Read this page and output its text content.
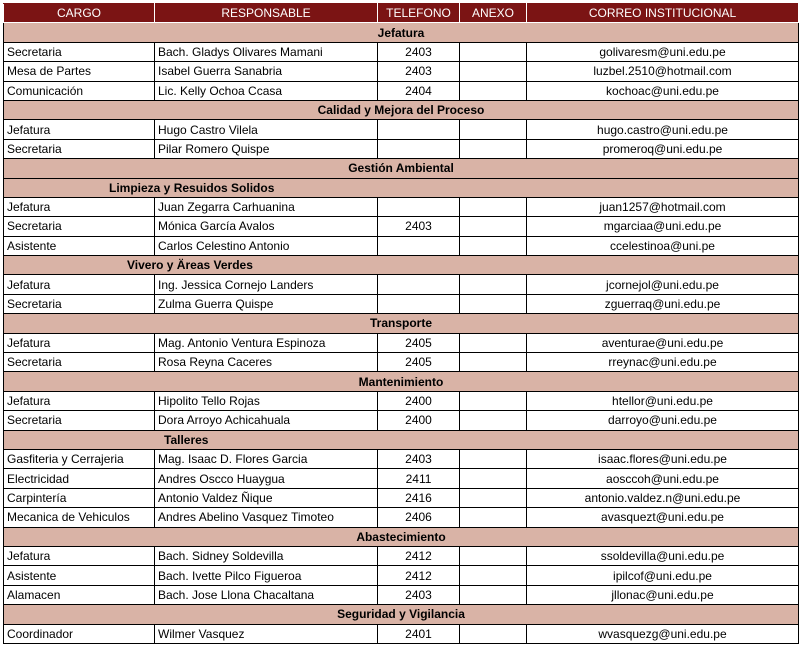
CARGO	RESPONSABLE	TELEFONO	ANEXO	CORREO INSTITUCIONAL
Jefatura				
Secretaria	Bach. Gladys Olivares Mamani	2403		golivaresm@uni.edu.pe
Mesa de Partes	Isabel Guerra Sanabria	2403		luzbel.2510@hotmail.com
Comunicación	Lic. Kelly Ochoa Ccasa	2404		kochoac@uni.edu.pe
Calidad y Mejora del Proceso				
Jefatura	Hugo Castro Vilela			hugo.castro@uni.edu.pe
Secretaria	Pilar Romero Quispe			promeroq@uni.edu.pe
Gestión Ambiental				
Limpieza y Resuidos Solidos				
Jefatura	Juan Zegarra Carhuanina			juan1257@hotmail.com
Secretaria	Mónica García Avalos	2403		mgarciaa@uni.edu.pe
Asistente	Carlos Celestino Antonio			ccelestinoa@uni.pe
Vivero y Äreas Verdes				
Jefatura	Ing. Jessica Cornejo Landers			jcornejol@uni.edu.pe
Secretaria	Zulma Guerra Quispe			zguerraq@uni.edu.pe
Transporte				
Jefatura	Mag. Antonio Ventura Espinoza	2405		aventurae@uni.edu.pe
Secretaria	Rosa Reyna Caceres	2405		rreynac@uni.edu.pe
Mantenimiento				
Jefatura	Hipolito Tello Rojas	2400		htellor@uni.edu.pe
Secretaria	Dora Arroyo Achicahuala	2400		darroyo@uni.edu.pe
Talleres				
Gasfiteria y Cerrajeria	Mag. Isaac D. Flores Garcia	2403		isaac.flores@uni.edu.pe
Electricidad	Andres Oscco Huaygua	2411		aosccoh@uni.edu.pe
Carpintería	Antonio Valdez Ñique	2416		antonio.valdez.n@uni.edu.pe
Mecanica de Vehiculos	Andres Abelino Vasquez Timoteo	2406		avasquezt@uni.edu.pe
Abastecimiento				
Jefatura	Bach. Sidney Soldevilla	2412		ssoldevilla@uni.edu.pe
Asistente	Bach. Ivette Pilco Figueroa	2412		ipilcof@uni.edu.pe
Alamacen	Bach. Jose Llona Chacaltana	2403		jllonac@uni.edu.pe
Seguridad y Vigilancia				
Coordinador	Wilmer Vasquez	2401		wvasquezg@uni.edu.pe
